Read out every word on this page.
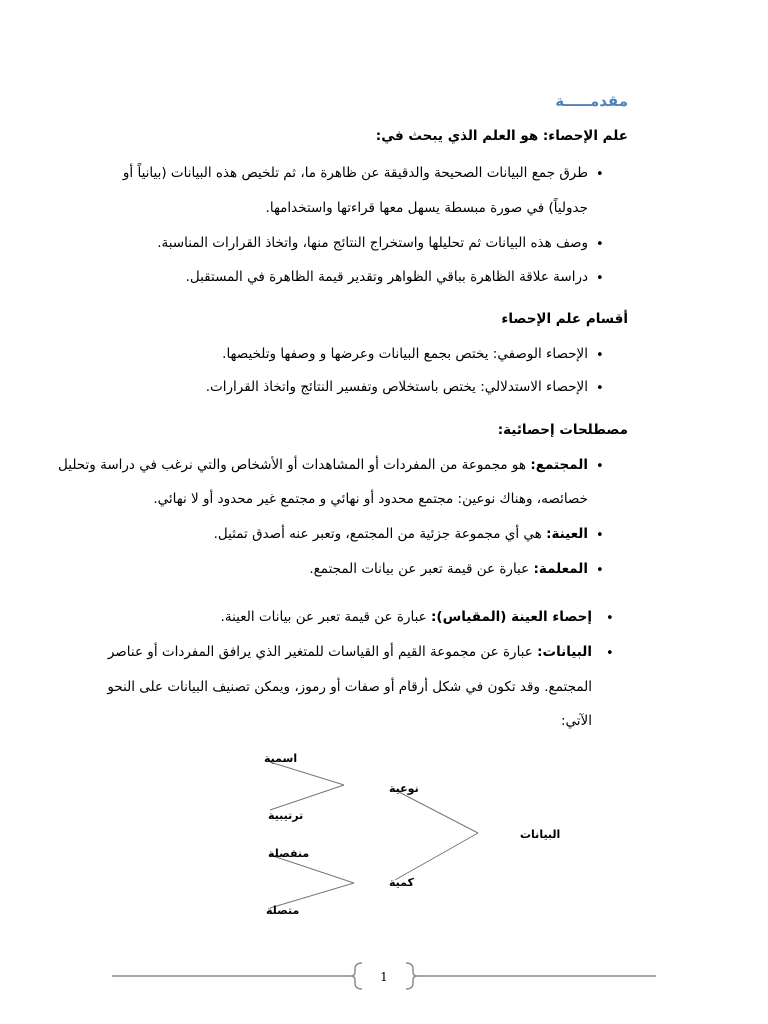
مقدمـــــة
علم الإحصاء: هو العلم الذي يبحث في:
•
طرق جمع البيانات الصحيحة والدقيقة عن ظاهرة ما، ثم تلخيص هذه البيانات (بيانياً أو
جدولياً) في صورة مبسطة يسهل معها قراءتها واستخدامها.
•
وصف هذه البيانات ثم تحليلها واستخراج النتائج منها، واتخاذ القرارات المناسبة.
•
دراسة علاقة الظاهرة بباقي الظواهر وتقدير قيمة الظاهرة في المستقبل.
أقسام علم الإحصاء
•
الإحصاء الوصفي: يختص بجمع البيانات وعرضها و وصفها وتلخيصها.
•
الإحصاء الاستدلالي: يختص باستخلاص وتفسير النتائج واتخاذ القرارات.
مصطلحات إحصائية:
•
المجتمع: هو مجموعة من المفردات أو المشاهدات أو الأشخاص والتي نرغب في دراسة وتحليل
خصائصه، وهناك نوعين: مجتمع محدود أو نهائي و مجتمع غير محدود أو لا نهائي.
•
العينة: هي أي مجموعة جزئية من المجتمع، وتعبر عنه أصدق تمثيل.
•
المعلمة: عبارة عن قيمة تعبر عن بيانات المجتمع.
•
إحصاء العينة (المقياس): عبارة عن قيمة تعبر عن بيانات العينة.
•
البيانات: عبارة عن مجموعة القيم أو القياسات للمتغير الذي يرافق المفردات أو عناصر
المجتمع. وقد تكون في شكل أرقام أو صفات أو رموز، ويمكن تصنيف البيانات على النحو
الآتي:
البيانات
نوعية
كمية
اسمية
ترتيبية
منفصلة
متصلة
1
